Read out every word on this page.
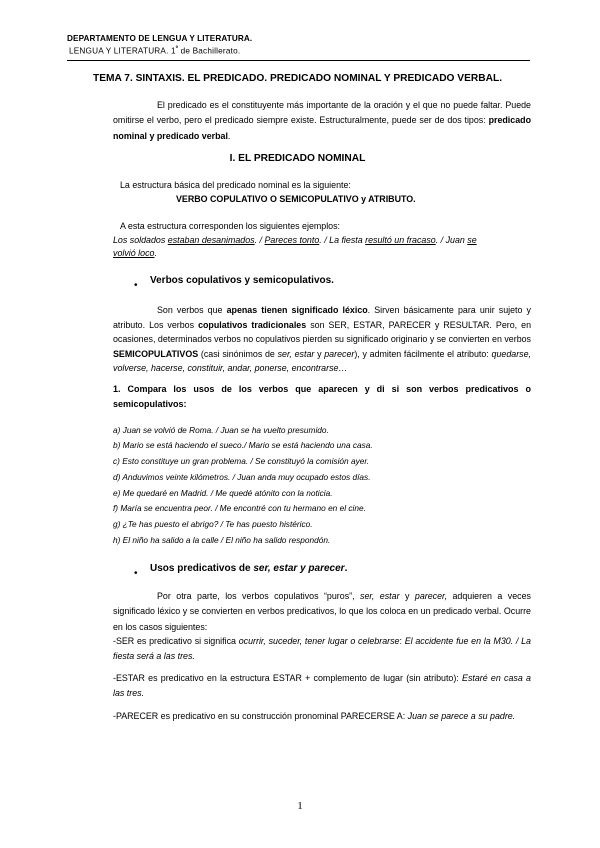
DEPARTAMENTO DE LENGUA Y LITERATURA.
LENGUA Y LITERATURA. $1^º$ de Bachillerato.
TEMA 7. SINTAXIS. EL PREDICADO. PREDICADO NOMINAL Y PREDICADO VERBAL.
El predicado es el constituyente más importante de la oración y el que no puede faltar. Puede omitirse el verbo, pero el predicado siempre existe. Estructuralmente, puede ser de dos tipos: predicado nominal y predicado verbal.
I. EL PREDICADO NOMINAL
La estructura básica del predicado nominal es la siguiente:
VERBO COPULATIVO O SEMICOPULATIVO y ATRIBUTO.
A esta estructura corresponden los siguientes ejemplos:
Los soldados estaban desanimados. / Pareces tonto. / La fiesta resultó un fracaso. / Juan se
volvió loco.
• Verbos copulativos y semicopulativos.
Son verbos que apenas tienen significado léxico. Sirven básicamente para unir sujeto y atributo. Los verbos copulativos tradicionales son SER, ESTAR, PARECER y RESULTAR. Pero, en ocasiones, determinados verbos no copulativos pierden su significado originario y se convierten en verbos SEMICOPULATIVOS (casi sinónimos de ser, estar y parecer), y admiten fácilmente el atributo: quedarse, volverse, hacerse, constituir, andar, ponerse, encontrarse…
1. Compara los usos de los verbos que aparecen y di si son verbos predicativos o semicopulativos:
a) Juan se volvió de Roma. / Juan se ha vuelto presumido.
b) Mario se está haciendo el sueco./ Mario se está haciendo una casa.
c) Esto constituye un gran problema. / Se constituyó la comisión ayer.
d) Anduvimos veinte kilómetros. / Juan anda muy ocupado estos días.
e) Me quedaré en Madrid. / Me quedé atónito con la noticia.
f) María se encuentra peor. / Me encontré con tu hermano en el cine.
g) ¿Te has puesto el abrigo? / Te has puesto histérico.
h) El niño ha salido a la calle / El niño ha salido respondón.
• Usos predicativos de ser, estar y parecer.
Por otra parte, los verbos copulativos “puros”, ser, estar y parecer, adquieren a veces significado léxico y se convierten en verbos predicativos, lo que los coloca en un predicado verbal. Ocurre en los casos siguientes:
-SER es predicativo si significa ocurrir, suceder, tener lugar o celebrarse: El accidente fue en la M30. / La fiesta será a las tres.
-ESTAR es predicativo en la estructura ESTAR + complemento de lugar (sin atributo): Estaré en casa a las tres.
-PARECER es predicativo en su construcción pronominal PARECERSE A: Juan se parece a su padre.
1
